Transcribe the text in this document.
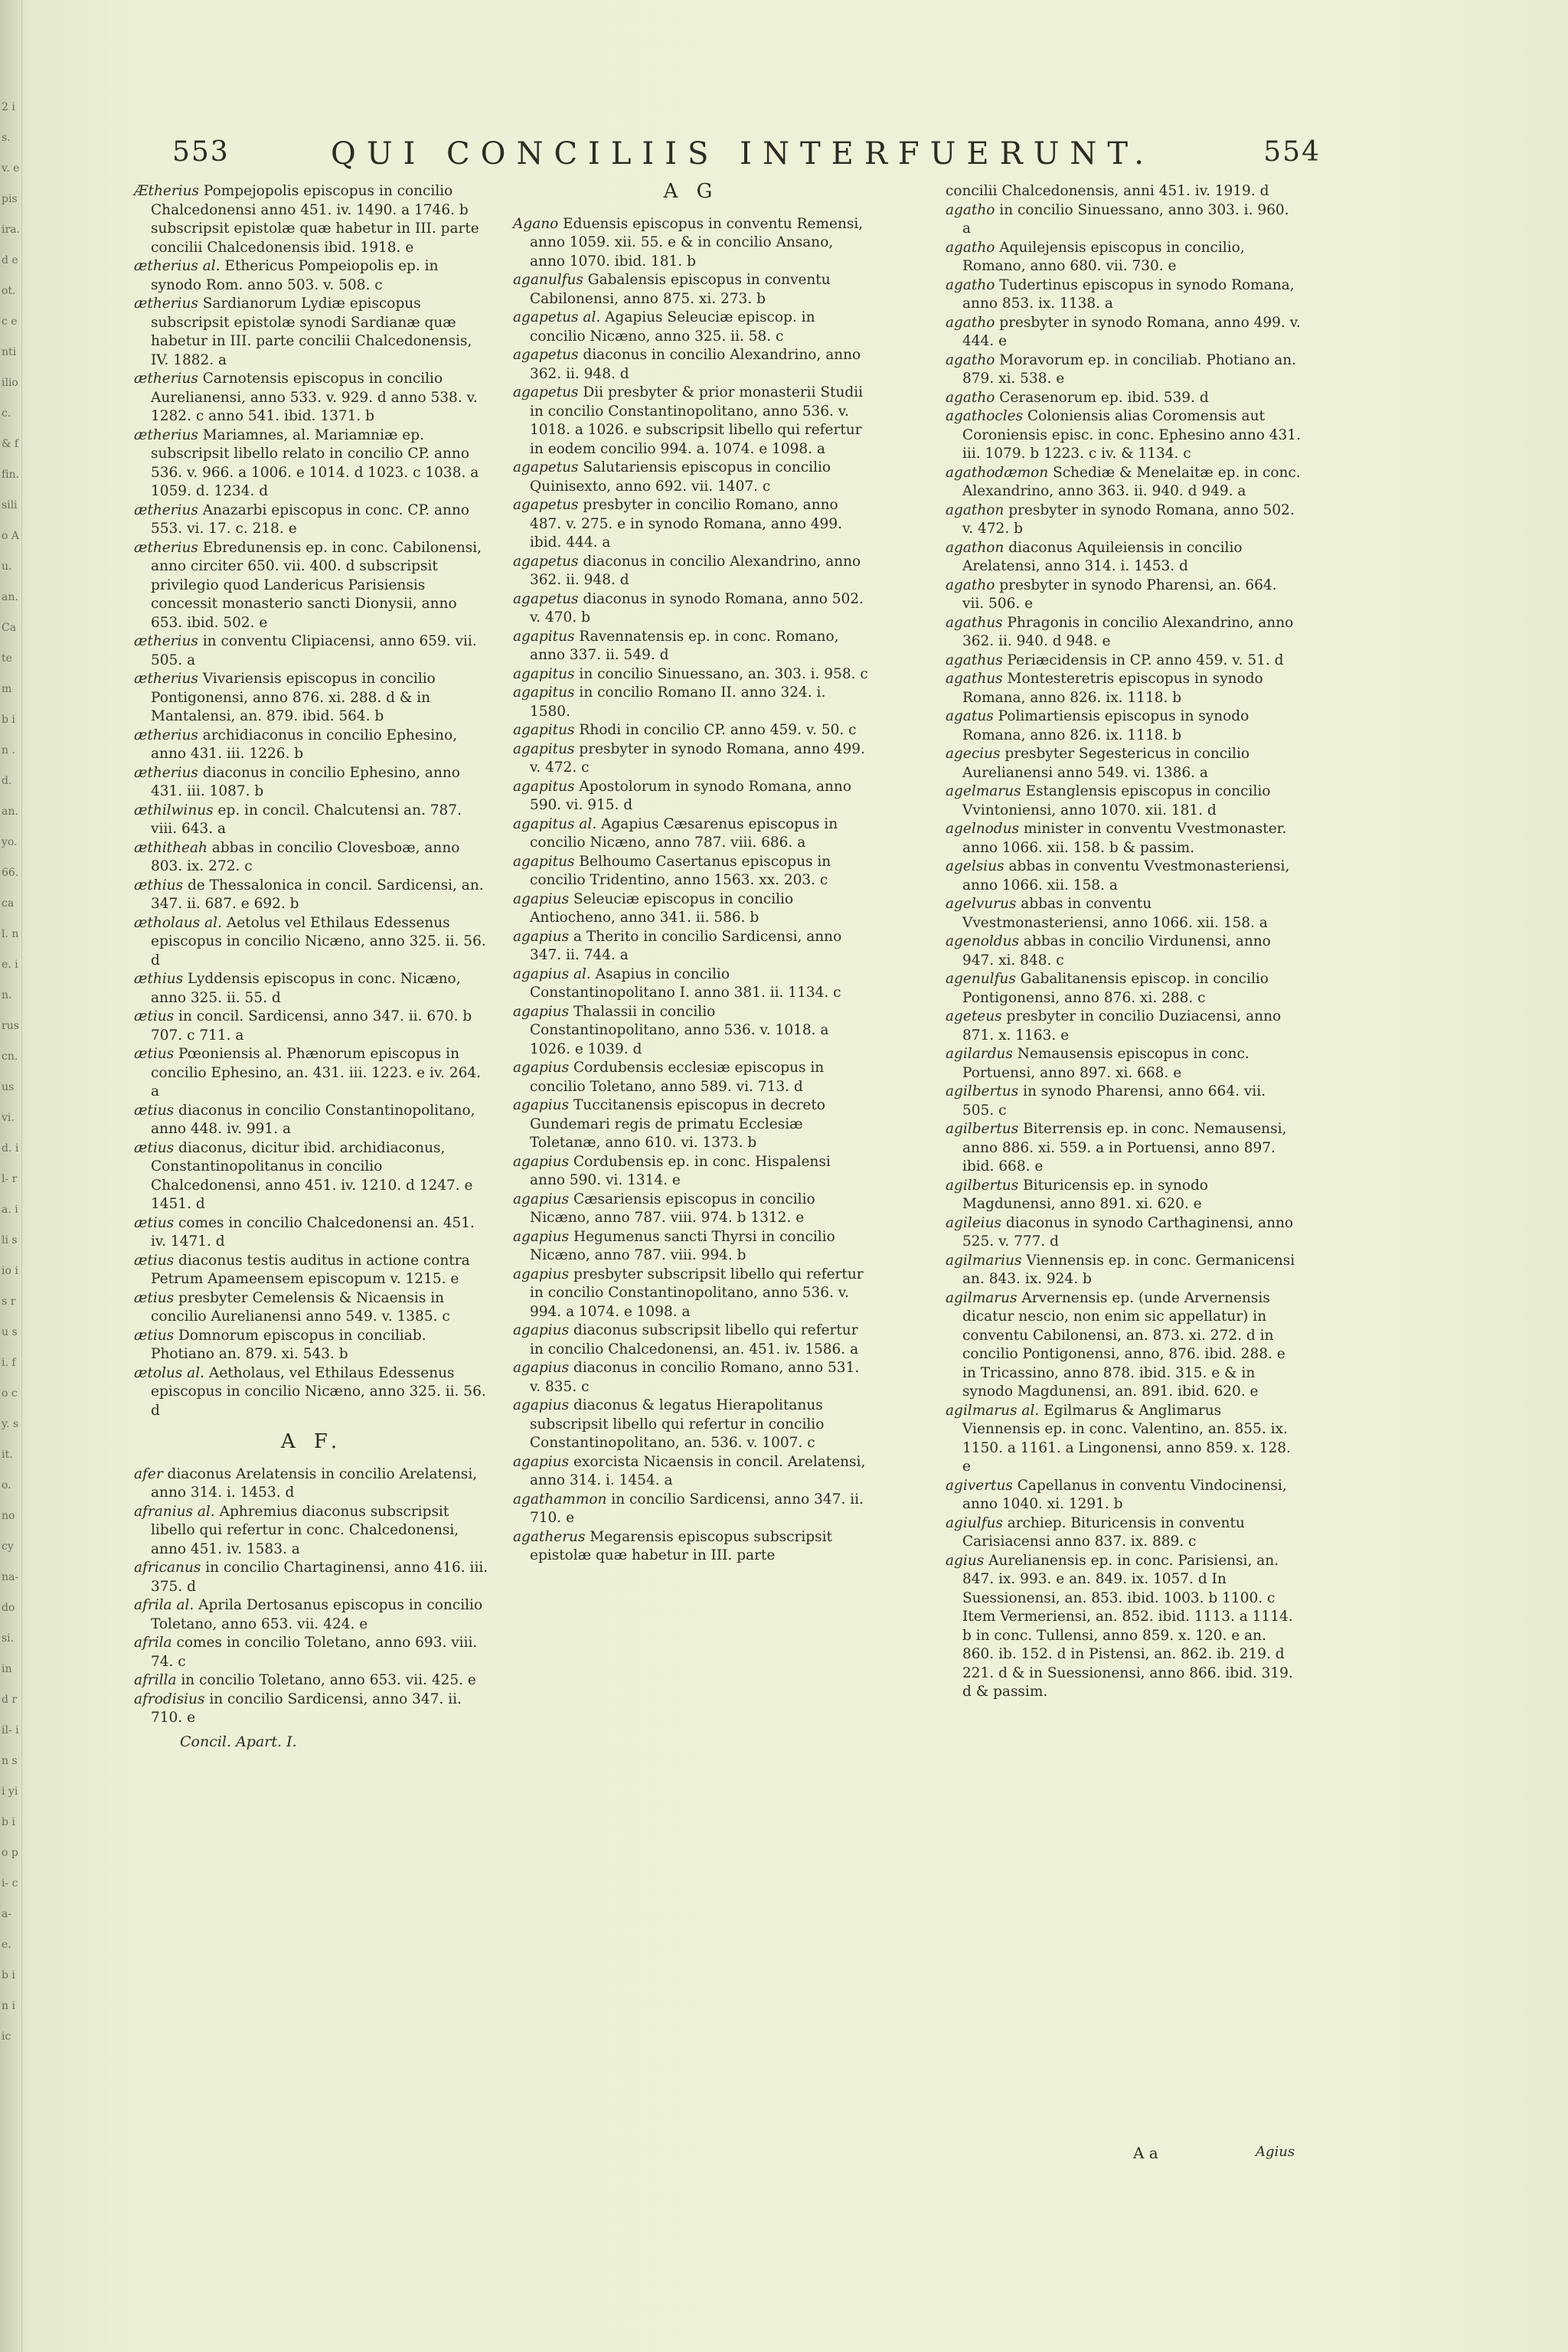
2 is. v. epis ira. d eot. c enti ilio c. & ffin. silio Au. an. Ca tem b in .d. an. yo. 66. cal. ne. in. rus cn. us vi. d. il- ra. ili s io is ru si. fo c y. sit. o. no cy na- do si. in d ril- in si yi b io pi- ca- e. b in i ic
553	QUI CONCILIIS INTERFUERUNT.	554

Ætherius Pompejopolis episcopus in concilio Chalcedonensi anno 451. iv. 1490. a 1746. b subscripsit epistolæ quæ habetur in III. parte concilii Chalcedonensis ibid. 1918. e

ætherius al. Ethericus Pompeiopolis ep. in synodo Rom. anno 503. v. 508. c

ætherius Sardianorum Lydiæ episcopus subscripsit epistolæ synodi Sardianæ quæ habetur in III. parte concilii Chalcedonensis, IV. 1882. a

ætherius Carnotensis episcopus in concilio Aurelianensi, anno 533. v. 929. d anno 538. v. 1282. c anno 541. ibid. 1371. b

ætherius Mariamnes, al. Mariamniæ ep. subscripsit libello relato in concilio CP. anno 536. v. 966. a 1006. e 1014. d 1023. c 1038. a 1059. d. 1234. d

ætherius Anazarbi episcopus in conc. CP. anno 553. vi. 17. c. 218. e

ætherius Ebredunensis ep. in conc. Cabilonensi, anno circiter 650. vii. 400. d subscripsit privilegio quod Landericus Parisiensis concessit monasterio sancti Dionysii, anno 653. ibid. 502. e

ætherius in conventu Clipiacensi, anno 659. vii. 505. a

ætherius Vivariensis episcopus in concilio Pontigonensi, anno 876. xi. 288. d & in Mantalensi, an. 879. ibid. 564. b

ætherius archidiaconus in concilio Ephesino, anno 431. iii. 1226. b

ætherius diaconus in concilio Ephesino, anno 431. iii. 1087. b

æthilwinus ep. in concil. Chalcutensi an. 787. viii. 643. a

æthitheah abbas in concilio Clovesboæ, anno 803. ix. 272. c

æthius de Thessalonica in concil. Sardicensi, an. 347. ii. 687. e 692. b

ætholaus al. Aetolus vel Ethilaus Edessenus episcopus in concilio Nicæno, anno 325. ii. 56. d

æthius Lyddensis episcopus in conc. Nicæno, anno 325. ii. 55. d

ætius in concil. Sardicensi, anno 347. ii. 670. b 707. c 711. a

ætius Pœoniensis al. Phænorum episcopus in concilio Ephesino, an. 431. iii. 1223. e iv. 264. a

ætius diaconus in concilio Constantinopolitano, anno 448. iv. 991. a

ætius diaconus, dicitur ibid. archidiaconus, Constantinopolitanus in concilio Chalcedonensi, anno 451. iv. 1210. d 1247. e 1451. d

ætius comes in concilio Chalcedonensi an. 451. iv. 1471. d

ætius diaconus testis auditus in actione contra Petrum Apameensem episcopum v. 1215. e

ætius presbyter Cemelensis & Nicaensis in concilio Aurelianensi anno 549. v. 1385. c

ætius Domnorum episcopus in conciliab. Photiano an. 879. xi. 543. b

ætolus al. Aetholaus, vel Ethilaus Edessenus episcopus in concilio Nicæno, anno 325. ii. 56. d

A F.

afer diaconus Arelatensis in concilio Arelatensi, anno 314. i. 1453. d

afranius al. Aphremius diaconus subscripsit libello qui refertur in conc. Chalcedonensi, anno 451. iv. 1583. a

africanus in concilio Chartaginensi, anno 416. iii. 375. d

afrila al. Aprila Dertosanus episcopus in concilio Toletano, anno 653. vii. 424. e

afrila comes in concilio Toletano, anno 693. viii. 74. c

afrilla in concilio Toletano, anno 653. vii. 425. e

afrodisius in concilio Sardicensi, anno 347. ii. 710. e

Concil. Apart. I.
A G

Agano Eduensis episcopus in conventu Remensi, anno 1059. xii. 55. e & in concilio Ansano, anno 1070. ibid. 181. b

aganulfus Gabalensis episcopus in conventu Cabilonensi, anno 875. xi. 273. b

agapetus al. Agapius Seleuciæ episcop. in concilio Nicæno, anno 325. ii. 58. c

agapetus diaconus in concilio Alexandrino, anno 362. ii. 948. d

agapetus Dii presbyter & prior monasterii Studii in concilio Constantinopolitano, anno 536. v. 1018. a 1026. e subscripsit libello qui refertur in eodem concilio 994. a. 1074. e 1098. a

agapetus Salutariensis episcopus in concilio Quinisexto, anno 692. vii. 1407. c

agapetus presbyter in concilio Romano, anno 487. v. 275. e in synodo Romana, anno 499. ibid. 444. a

agapetus diaconus in concilio Alexandrino, anno 362. ii. 948. d

agapetus diaconus in synodo Romana, anno 502. v. 470. b

agapitus Ravennatensis ep. in conc. Romano, anno 337. ii. 549. d

agapitus in concilio Sinuessano, an. 303. i. 958. c

agapitus in concilio Romano II. anno 324. i. 1580.

agapitus Rhodi in concilio CP. anno 459. v. 50. c

agapitus presbyter in synodo Romana, anno 499. v. 472. c

agapitus Apostolorum in synodo Romana, anno 590. vi. 915. d

agapitus al. Agapius Cæsarenus episcopus in concilio Nicæno, anno 787. viii. 686. a

agapitus Belhoumo Casertanus episcopus in concilio Tridentino, anno 1563. xx. 203. c

agapius Seleuciæ episcopus in concilio Antiocheno, anno 341. ii. 586. b

agapius a Therito in concilio Sardicensi, anno 347. ii. 744. a

agapius al. Asapius in concilio Constantinopolitano I. anno 381. ii. 1134. c

agapius Thalassii in concilio Constantinopolitano, anno 536. v. 1018. a 1026. e 1039. d

agapius Cordubensis ecclesiæ episcopus in concilio Toletano, anno 589. vi. 713. d

agapius Tuccitanensis episcopus in decreto Gundemari regis de primatu Ecclesiæ Toletanæ, anno 610. vi. 1373. b

agapius Cordubensis ep. in conc. Hispalensi anno 590. vi. 1314. e

agapius Cæsariensis episcopus in concilio Nicæno, anno 787. viii. 974. b 1312. e

agapius Hegumenus sancti Thyrsi in concilio Nicæno, anno 787. viii. 994. b

agapius presbyter subscripsit libello qui refertur in concilio Constantinopolitano, anno 536. v. 994. a 1074. e 1098. a

agapius diaconus subscripsit libello qui refertur in concilio Chalcedonensi, an. 451. iv. 1586. a

agapius diaconus in concilio Romano, anno 531. v. 835. c

agapius diaconus & legatus Hierapolitanus subscripsit libello qui refertur in concilio Constantinopolitano, an. 536. v. 1007. c

agapius exorcista Nicaensis in concil. Arelatensi, anno 314. i. 1454. a

agathammon in concilio Sardicensi, anno 347. ii. 710. e

agatherus Megarensis episcopus subscripsit epistolæ quæ habetur in III. parte

concilii Chalcedonensis, anni 451. iv. 1919. d

agatho in concilio Sinuessano, anno 303. i. 960. a

agatho Aquilejensis episcopus in concilio, Romano, anno 680. vii. 730. e

agatho Tudertinus episcopus in synodo Romana, anno 853. ix. 1138. a

agatho presbyter in synodo Romana, anno 499. v. 444. e

agatho Moravorum ep. in conciliab. Photiano an. 879. xi. 538. e

agatho Cerasenorum ep. ibid. 539. d

agathocles Coloniensis alias Coromensis aut Coroniensis episc. in conc. Ephesino anno 431. iii. 1079. b 1223. c iv. & 1134. c

agathodæmon Schediæ & Menelaitæ ep. in conc. Alexandrino, anno 363. ii. 940. d 949. a

agathon presbyter in synodo Romana, anno 502. v. 472. b

agathon diaconus Aquileiensis in concilio Arelatensi, anno 314. i. 1453. d

agatho presbyter in synodo Pharensi, an. 664. vii. 506. e

agathus Phragonis in concilio Alexandrino, anno 362. ii. 940. d 948. e

agathus Periæcidensis in CP. anno 459. v. 51. d

agathus Montesteretris episcopus in synodo Romana, anno 826. ix. 1118. b

agatus Polimartiensis episcopus in synodo Romana, anno 826. ix. 1118. b

agecius presbyter Segestericus in concilio Aurelianensi anno 549. vi. 1386. a

agelmarus Estanglensis episcopus in concilio Vvintoniensi, anno 1070. xii. 181. d

agelnodus minister in conventu Vvestmonaster. anno 1066. xii. 158. b & passim.

agelsius abbas in conventu Vvestmonasteriensi, anno 1066. xii. 158. a

agelvurus abbas in conventu Vvestmonasteriensi, anno 1066. xii. 158. a

agenoldus abbas in concilio Virdunensi, anno 947. xi. 848. c

agenulfus Gabalitanensis episcop. in concilio Pontigonensi, anno 876. xi. 288. c

ageteus presbyter in concilio Duziacensi, anno 871. x. 1163. e

agilardus Nemausensis episcopus in conc. Portuensi, anno 897. xi. 668. e

agilbertus in synodo Pharensi, anno 664. vii. 505. c

agilbertus Biterrensis ep. in conc. Nemausensi, anno 886. xi. 559. a in Portuensi, anno 897. ibid. 668. e

agilbertus Bituricensis ep. in synodo Magdunensi, anno 891. xi. 620. e

agileius diaconus in synodo Carthaginensi, anno 525. v. 777. d

agilmarius Viennensis ep. in conc. Germanicensi an. 843. ix. 924. b

agilmarus Arvernensis ep. (unde Arvernensis dicatur nescio, non enim sic appellatur) in conventu Cabilonensi, an. 873. xi. 272. d in concilio Pontigonensi, anno, 876. ibid. 288. e in Tricassino, anno 878. ibid. 315. e & in synodo Magdunensi, an. 891. ibid. 620. e

agilmarus al. Egilmarus & Anglimarus Viennensis ep. in conc. Valentino, an. 855. ix. 1150. a 1161. a Lingonensi, anno 859. x. 128. e

agivertus Capellanus in conventu Vindocinensi, anno 1040. xi. 1291. b

agiulfus archiep. Bituricensis in conventu Carisiacensi anno 837. ix. 889. c

agius Aurelianensis ep. in conc. Parisiensi, an. 847. ix. 993. e an. 849. ix. 1057. d In Suessionensi, an. 853. ibid. 1003. b 1100. c Item Vermeriensi, an. 852. ibid. 1113. a 1114. b in conc. Tullensi, anno 859. x. 120. e an. 860. ib. 152. d in Pistensi, an. 862. ib. 219. d 221. d & in Suessionensi, anno 866. ibid. 319. d & passim.

A a	Agius
